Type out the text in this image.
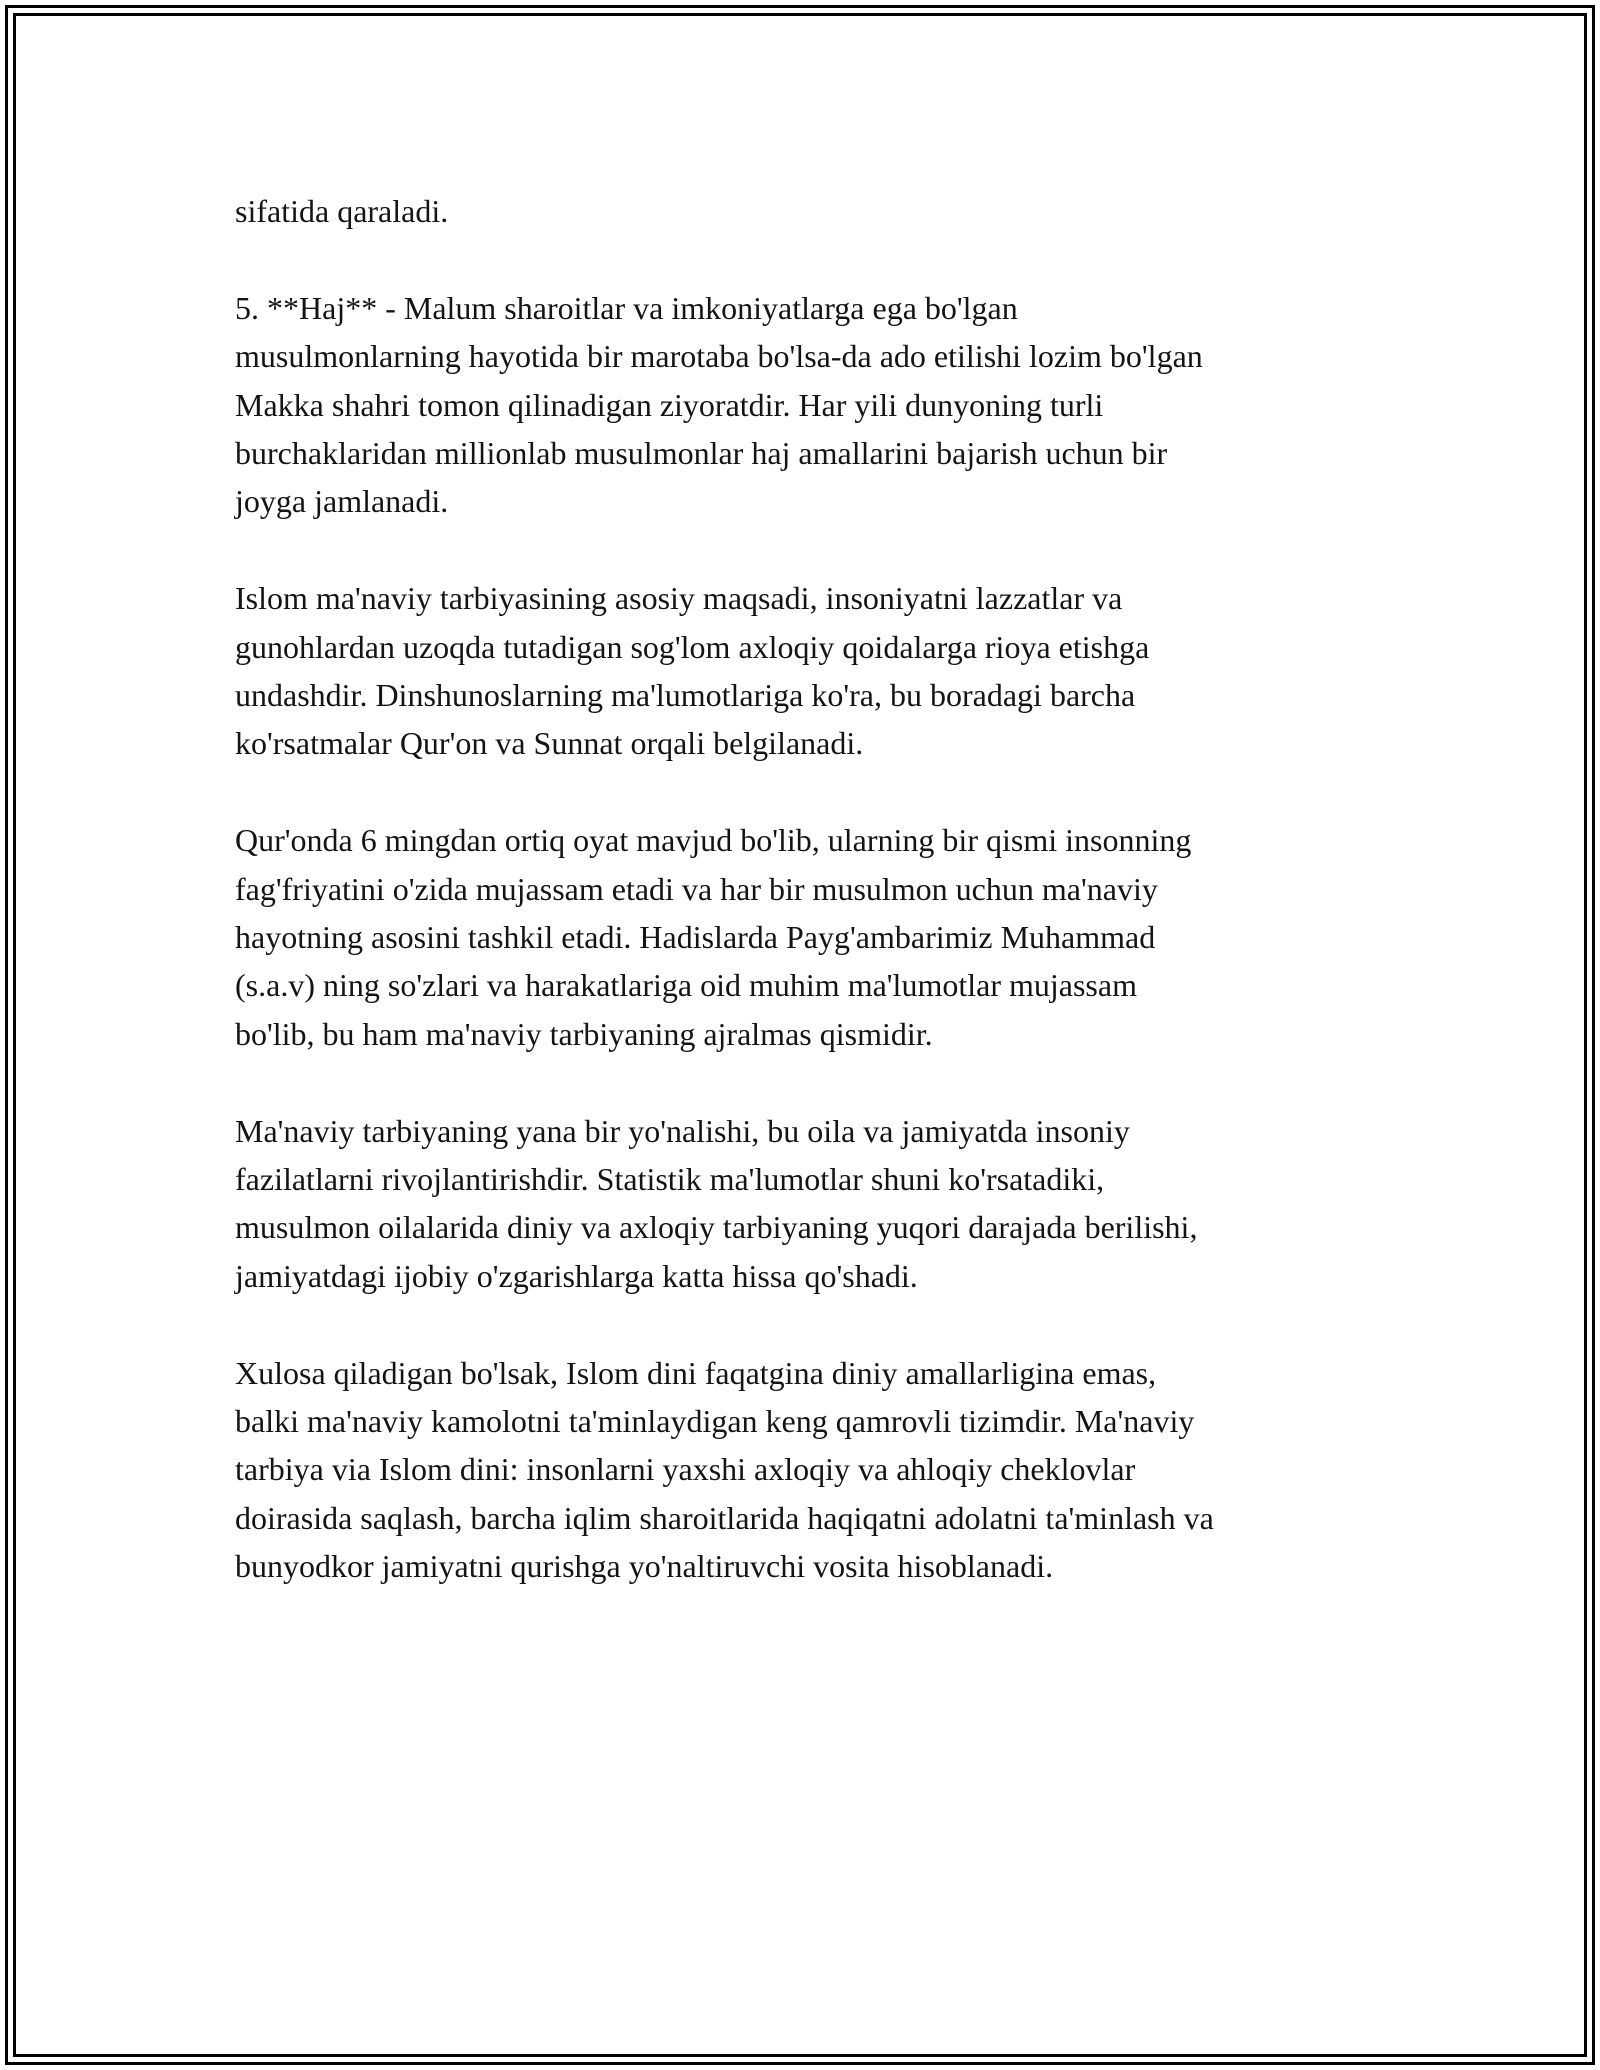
sifatida qaraladi.

5. **Haj** - Malum sharoitlar va imkoniyatlarga ega bo'lgan
musulmonlarning hayotida bir marotaba bo'lsa-da ado etilishi lozim bo'lgan
Makka shahri tomon qilinadigan ziyoratdir. Har yili dunyoning turli
burchaklaridan millionlab musulmonlar haj amallarini bajarish uchun bir
joyga jamlanadi.

Islom ma'naviy tarbiyasining asosiy maqsadi, insoniyatni lazzatlar va
gunohlardan uzoqda tutadigan sog'lom axloqiy qoidalarga rioya etishga
undashdir. Dinshunoslarning ma'lumotlariga ko'ra, bu boradagi barcha
ko'rsatmalar Qur'on va Sunnat orqali belgilanadi.

Qur'onda 6 mingdan ortiq oyat mavjud bo'lib, ularning bir qismi insonning
fag'friyatini o'zida mujassam etadi va har bir musulmon uchun ma'naviy
hayotning asosini tashkil etadi. Hadislarda Payg'ambarimiz Muhammad
(s.a.v) ning so'zlari va harakatlariga oid muhim ma'lumotlar mujassam
bo'lib, bu ham ma'naviy tarbiyaning ajralmas qismidir.

Ma'naviy tarbiyaning yana bir yo'nalishi, bu oila va jamiyatda insoniy
fazilatlarni rivojlantirishdir. Statistik ma'lumotlar shuni ko'rsatadiki,
musulmon oilalarida diniy va axloqiy tarbiyaning yuqori darajada berilishi,
jamiyatdagi ijobiy o'zgarishlarga katta hissa qo'shadi.

Xulosa qiladigan bo'lsak, Islom dini faqatgina diniy amallarligina emas,
balki ma'naviy kamolotni ta'minlaydigan keng qamrovli tizimdir. Ma'naviy
tarbiya via Islom dini: insonlarni yaxshi axloqiy va ahloqiy cheklovlar
doirasida saqlash, barcha iqlim sharoitlarida haqiqatni adolatni ta'minlash va
bunyodkor jamiyatni qurishga yo'naltiruvchi vosita hisoblanadi.
